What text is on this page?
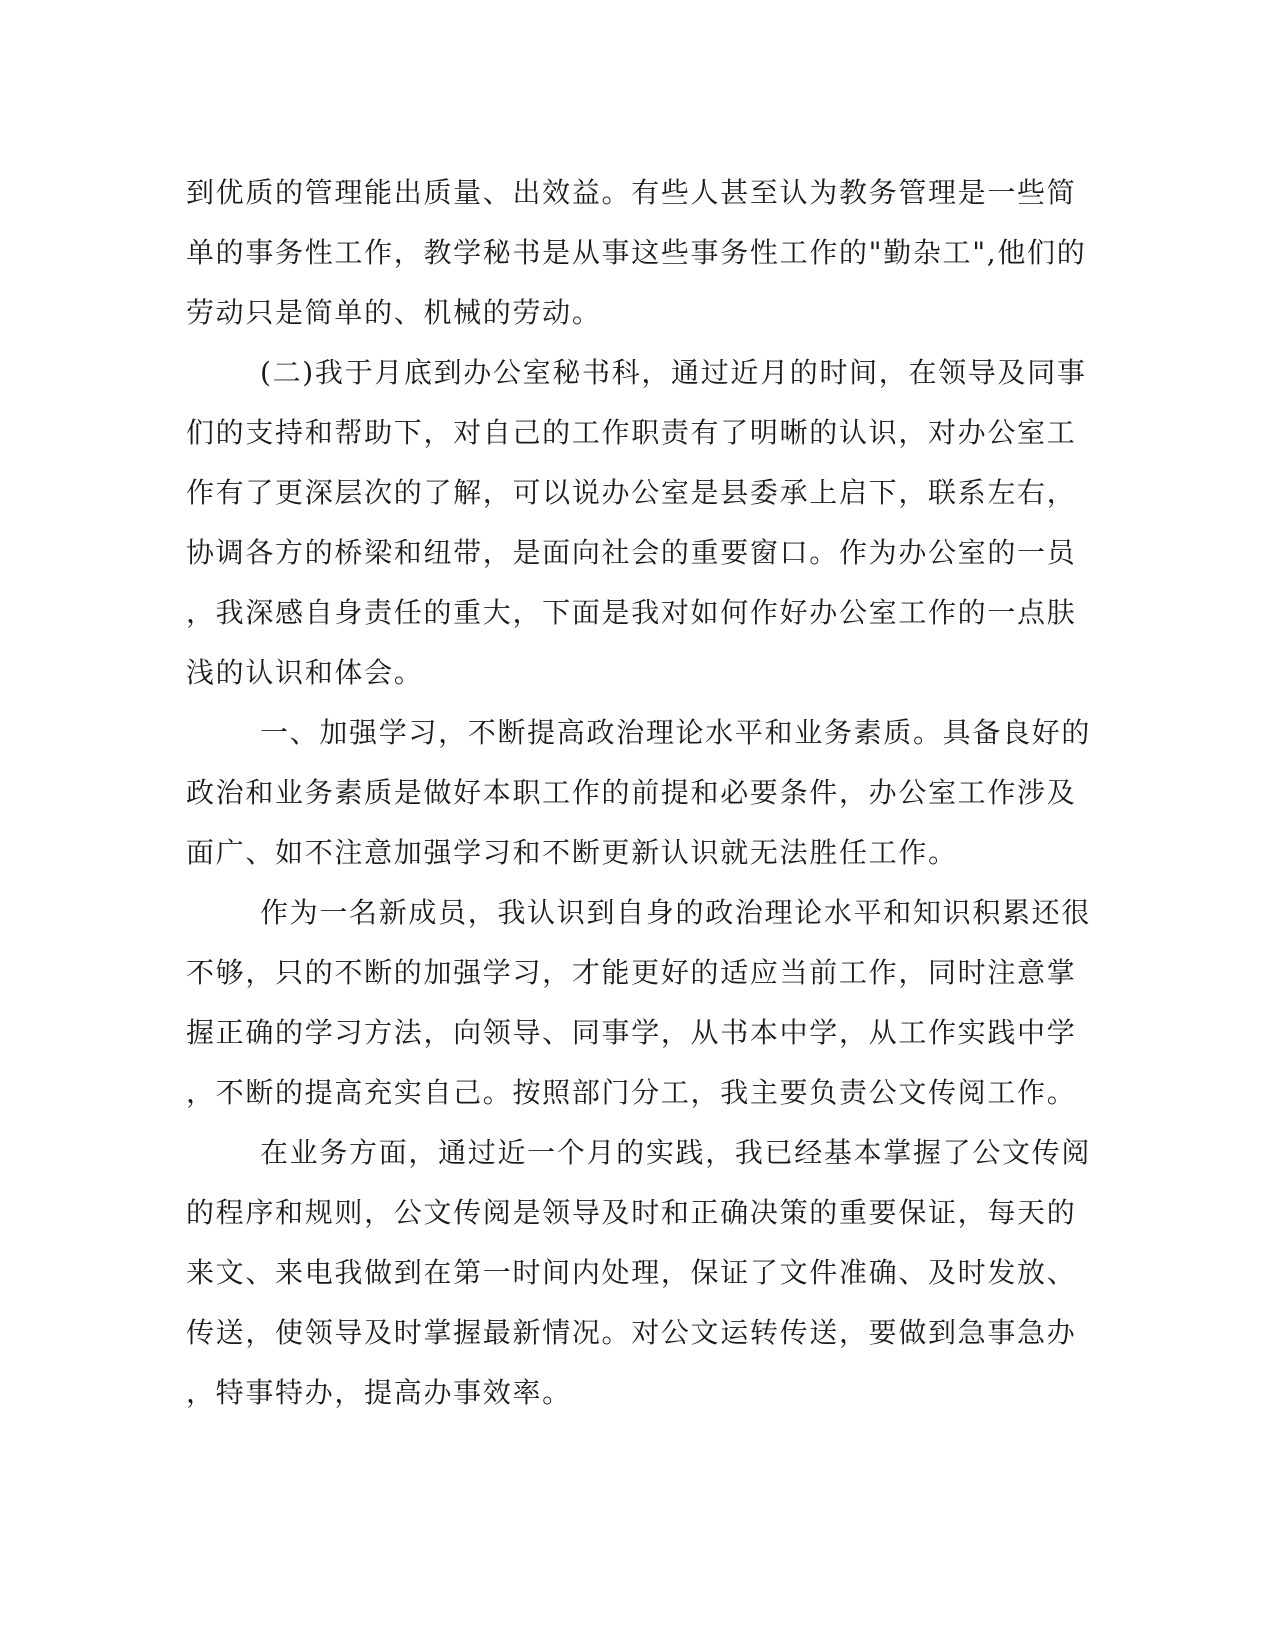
到优质的管理能出质量、出效益。有些人甚至认为教务管理是一些简
单的事务性工作，教学秘书是从事这些事务性工作的"勤杂工",他们的
劳动只是简单的、机械的劳动。
(二)我于月底到办公室秘书科，通过近月的时间，在领导及同事
们的支持和帮助下，对自己的工作职责有了明晰的认识，对办公室工
作有了更深层次的了解，可以说办公室是县委承上启下，联系左右，
协调各方的桥梁和纽带，是面向社会的重要窗口。作为办公室的一员
，我深感自身责任的重大，下面是我对如何作好办公室工作的一点肤
浅的认识和体会。
一、加强学习，不断提高政治理论水平和业务素质。具备良好的
政治和业务素质是做好本职工作的前提和必要条件，办公室工作涉及
面广、如不注意加强学习和不断更新认识就无法胜任工作。
作为一名新成员，我认识到自身的政治理论水平和知识积累还很
不够，只的不断的加强学习，才能更好的适应当前工作，同时注意掌
握正确的学习方法，向领导、同事学，从书本中学，从工作实践中学
，不断的提高充实自己。按照部门分工，我主要负责公文传阅工作。
在业务方面，通过近一个月的实践，我已经基本掌握了公文传阅
的程序和规则，公文传阅是领导及时和正确决策的重要保证，每天的
来文、来电我做到在第一时间内处理，保证了文件准确、及时发放、
传送，使领导及时掌握最新情况。对公文运转传送，要做到急事急办
，特事特办，提高办事效率。
